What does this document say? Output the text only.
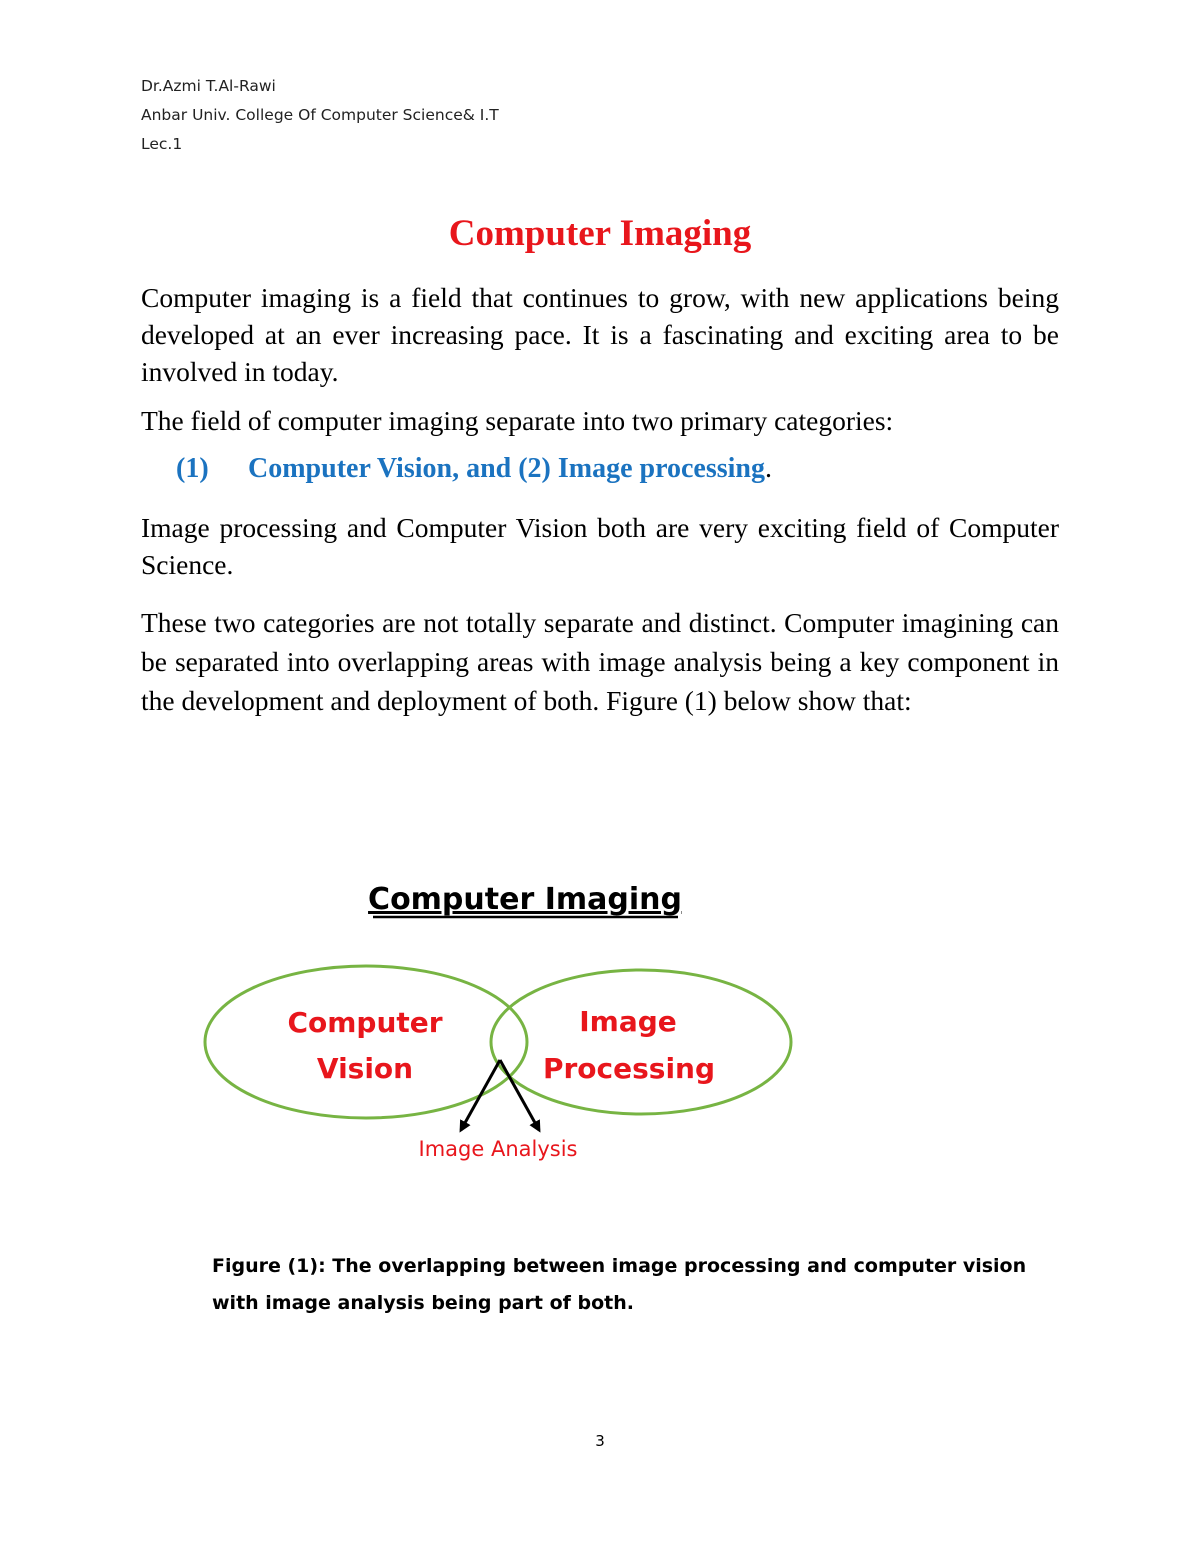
Dr.Azmi T.Al-Rawi
Anbar Univ. College Of Computer Science& I.T
Lec.1
Computer Imaging

Computer imaging is a field that continues to grow, with new applications being developed at an ever increasing pace. It is a fascinating and exciting area to be involved in today.

The field of computer imaging separate into two primary categories:

(1) Computer Vision, and (2) Image processing.

Image processing and Computer Vision both are very exciting field of Computer Science.

These two categories are not totally separate and distinct. Computer imagining can be separated into overlapping areas with image analysis being a key component in the development and deployment of both. Figure (1) below show that:

Computer Imaging
Computer
Vision
Image
Processing
Image Analysis

Figure (1): The overlapping between image processing and computer vision with image analysis being part of both.

3
